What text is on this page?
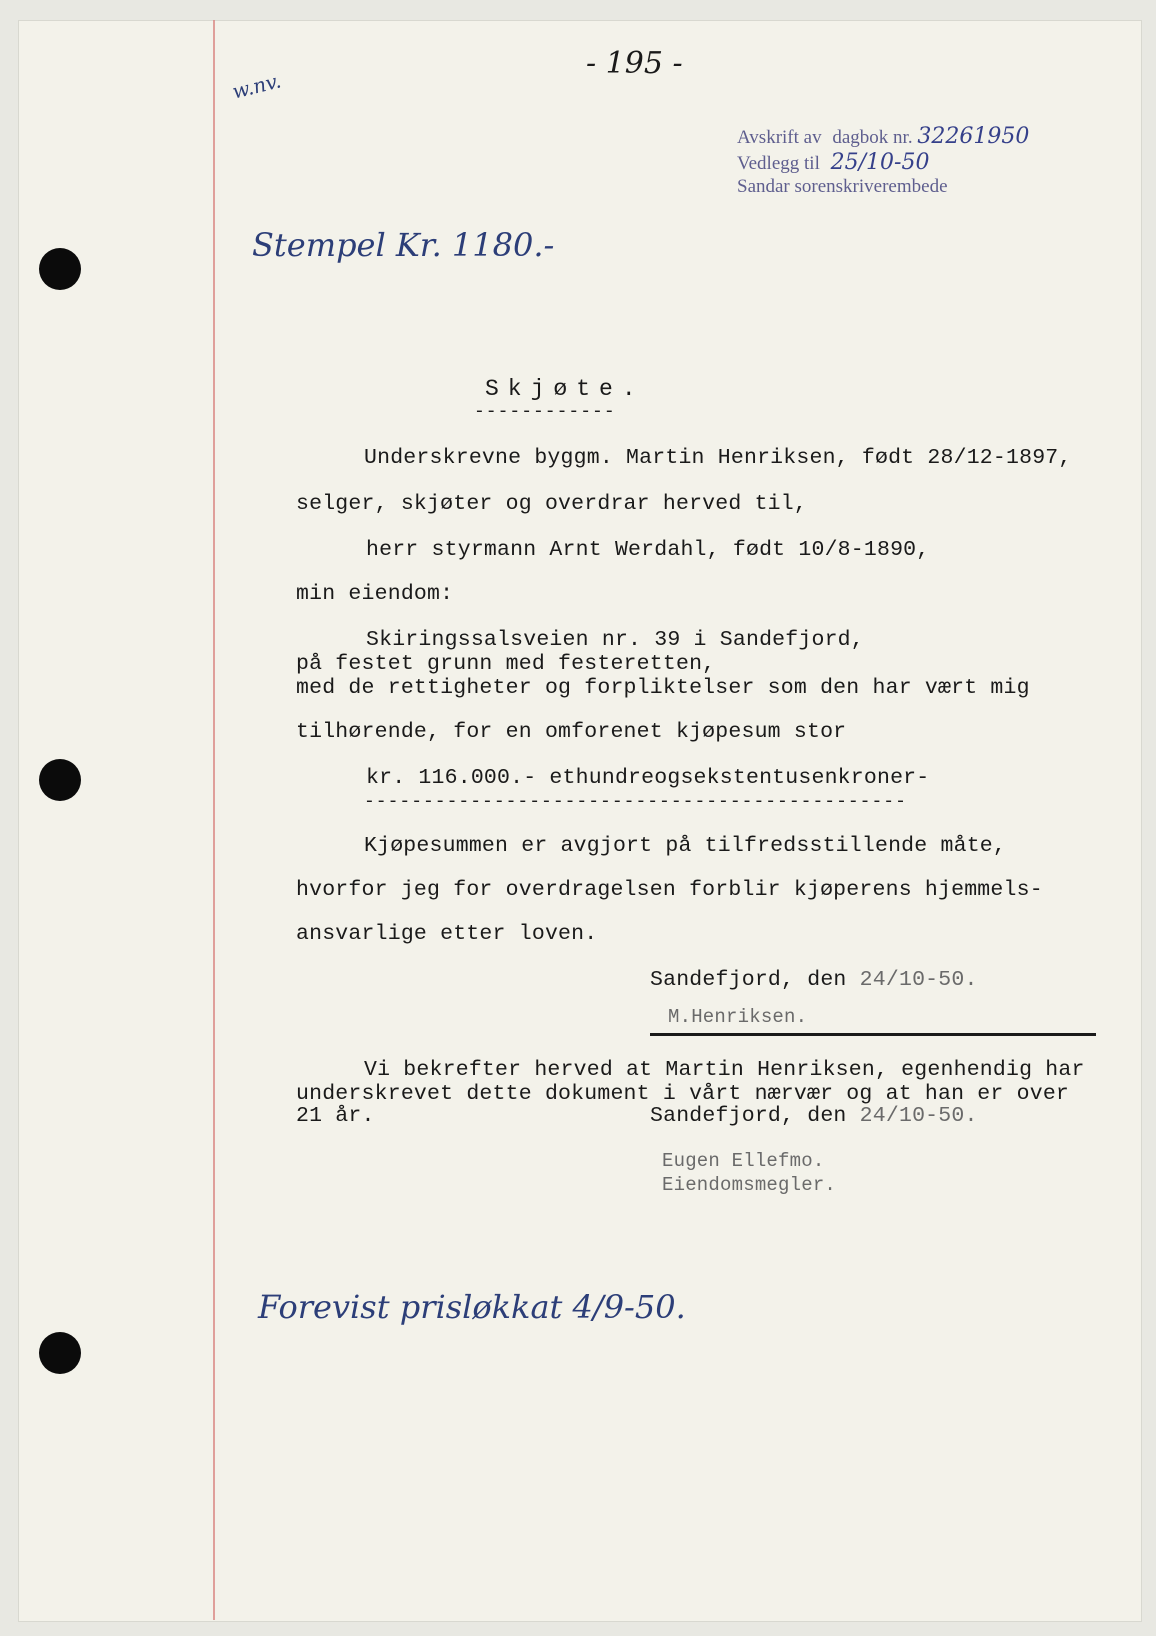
- 195 -
w.nv.
Avskrift av dagbok nr. 32261950
Vedlegg til 25/10-50
Sandar sorenskriverembede
Stempel Kr. 1180.-
Skjøte.
------------
Underskrevne byggm. Martin Henriksen, født 28/12-1897,
selger, skjøter og overdrar herved til,
herr styrmann Arnt Werdahl, født 10/8-1890,
min eiendom:
Skiringssalsveien nr. 39 i Sandefjord,
på festet grunn med festeretten,
med de rettigheter og forpliktelser som den har vært mig
tilhørende, for en omforenet kjøpesum stor
kr. 116.000.- ethundreogsekstentusenkroner-
----------------------------------------------
Kjøpesummen er avgjort på tilfredsstillende måte,
hvorfor jeg for overdragelsen forblir kjøperens hjemmels-
ansvarlige etter loven.
Sandefjord, den 24/10-50.
M.Henriksen.
Vi bekrefter herved at Martin Henriksen, egenhendig har
underskrevet dette dokument i vårt nærvær og at han er over
21 år.	Sandefjord, den 24/10-50.
Eugen Ellefmo.
Eiendomsmegler.
Forevist prisløkkat 4/9-50.
